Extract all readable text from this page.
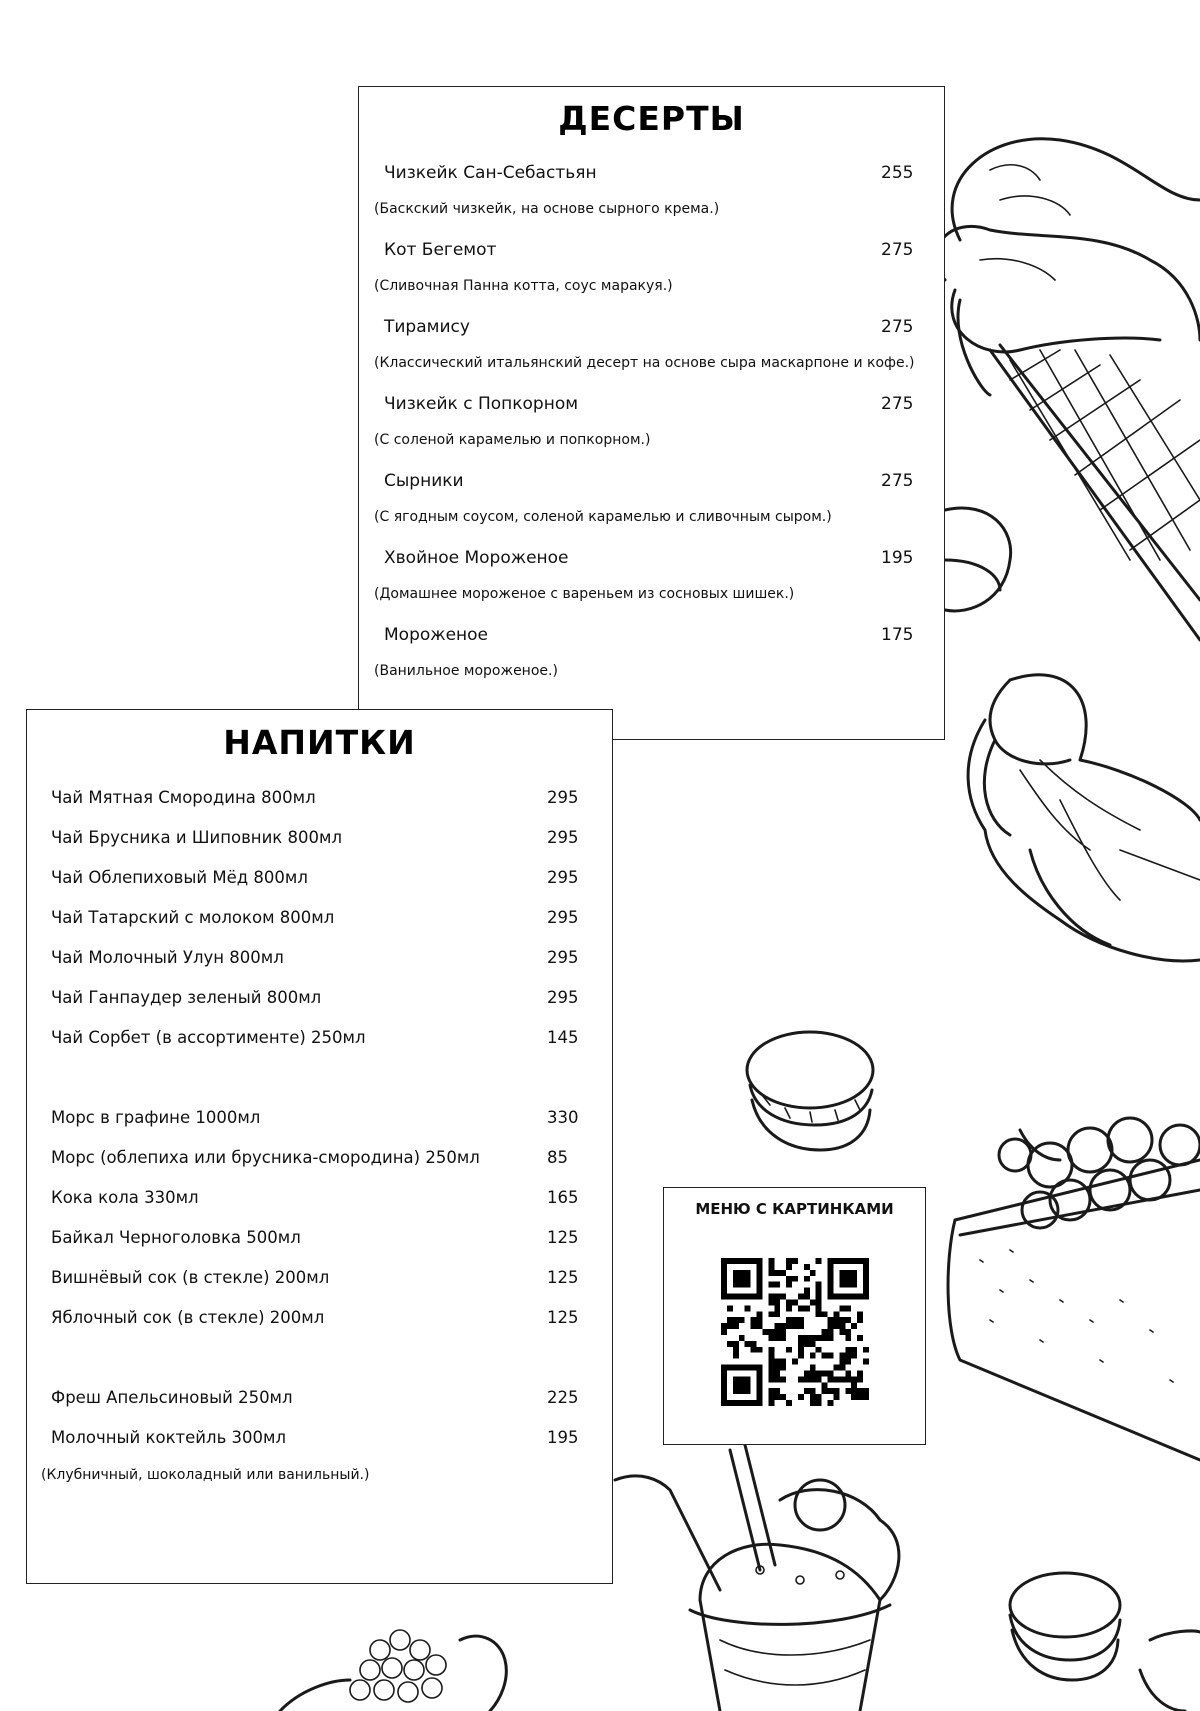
ДЕСЕРТЫ
Чизкейк Сан-Себастьян	255
(Баскский чизкейк, на основе сырного крема.)
Кот Бегемот	275
(Сливочная Панна котта, соус маракуя.)
Тирамису	275
(Классический итальянский десерт на основе сыра маскарпоне и кофе.)
Чизкейк с Попкорном	275
(С соленой карамелью и попкорном.)
Сырники	275
(С ягодным соусом, соленой карамелью и сливочным сыром.)
Хвойное Мороженое	195
(Домашнее мороженое с вареньем из сосновых шишек.)
Мороженое	175
(Ванильное мороженое.)
НАПИТКИ
Чай Мятная Смородина 800мл	295
Чай Брусника и Шиповник 800мл	295
Чай Облепиховый Мёд 800мл	295
Чай Татарский с молоком 800мл	295
Чай Молочный Улун 800мл	295
Чай Ганпаудер зеленый 800мл	295
Чай Сорбет (в ассортименте) 250мл	145
Морс в графине 1000мл	330
Морс (облепиха или брусника-смородина) 250мл	85
Кока кола 330мл	165
Байкал Черноголовка 500мл	125
Вишнёвый сок (в стекле) 200мл	125
Яблочный сок (в стекле) 200мл	125
Фреш Апельсиновый 250мл	225
Молочный коктейль 300мл	195
(Клубничный, шоколадный или ванильный.)
МЕНЮ С КАРТИНКАМИ
